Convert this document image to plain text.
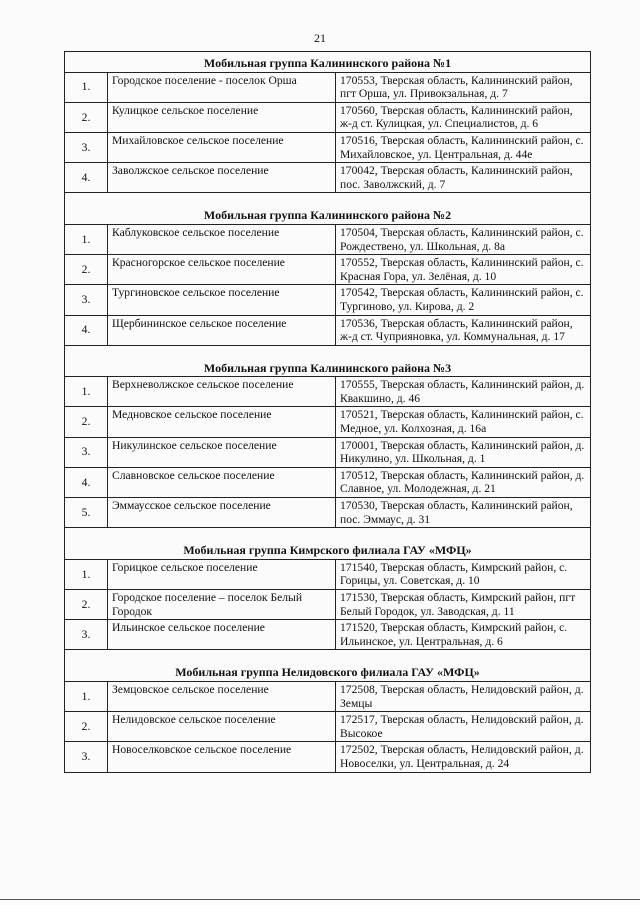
21
Мобильная группа Калининского района №1		
1.	Городское поселение - поселок Орша	170553, Тверская область, Калининский район, пгт Орша, ул. Привокзальная, д. 7
2.	Кулицкое сельское поселение	170560, Тверская область, Калининский район, ж-д ст. Кулицкая, ул. Специалистов, д. 6
3.	Михайловское сельское поселение	170516, Тверская область, Калининский район, с. Михайловское, ул. Центральная, д. 44е
4.	Заволжское сельское поселение	170042, Тверская область, Калининский район, пос. Заволжский, д. 7
Мобильная группа Калининского района №2		
1.	Каблуковское сельское поселение	170504, Тверская область, Калининский район, с. Рождествено, ул. Школьная, д. 8а
2.	Красногорское сельское поселение	170552, Тверская область, Калининский район, с. Красная Гора, ул. Зелёная, д. 10
3.	Тургиновское сельское поселение	170542, Тверская область, Калининский район, с. Тургиново, ул. Кирова, д. 2
4.	Щербининское сельское поселение	170536, Тверская область, Калининский район, ж-д ст. Чуприяновка, ул. Коммунальная, д. 17
Мобильная группа Калининского района №3		
1.	Верхневолжское сельское поселение	170555, Тверская область, Калининский район, д. Квакшино, д. 46
2.	Медновское сельское поселение	170521, Тверская область, Калининский район, с. Медное, ул. Колхозная, д. 16а
3.	Никулинское сельское поселение	170001, Тверская область, Калининский район, д. Никулино, ул. Школьная, д. 1
4.	Славновское сельское поселение	170512, Тверская область, Калининский район, д. Славное, ул. Молодежная, д. 21
5.	Эммаусское сельское поселение	170530, Тверская область, Калининский район, пос. Эммаус, д. 31
Мобильная группа Кимрского филиала ГАУ «МФЦ»		
1.	Горицкое сельское поселение	171540, Тверская область, Кимрский район, с. Горицы, ул. Советская, д. 10
2.	Городское поселение – поселок Белый Городок	171530, Тверская область, Кимрский район, пгт Белый Городок, ул. Заводская, д. 11
3.	Ильинское сельское поселение	171520, Тверская область, Кимрский район, с. Ильинское, ул. Центральная, д. 6
Мобильная группа Нелидовского филиала ГАУ «МФЦ»		
1.	Земцовское сельское поселение	172508, Тверская область, Нелидовский район, д. Земцы
2.	Нелидовское сельское поселение	172517, Тверская область, Нелидовский район, д. Высокое
3.	Новоселковское сельское поселение	172502, Тверская область, Нелидовский район, д. Новоселки, ул. Центральная, д. 24
